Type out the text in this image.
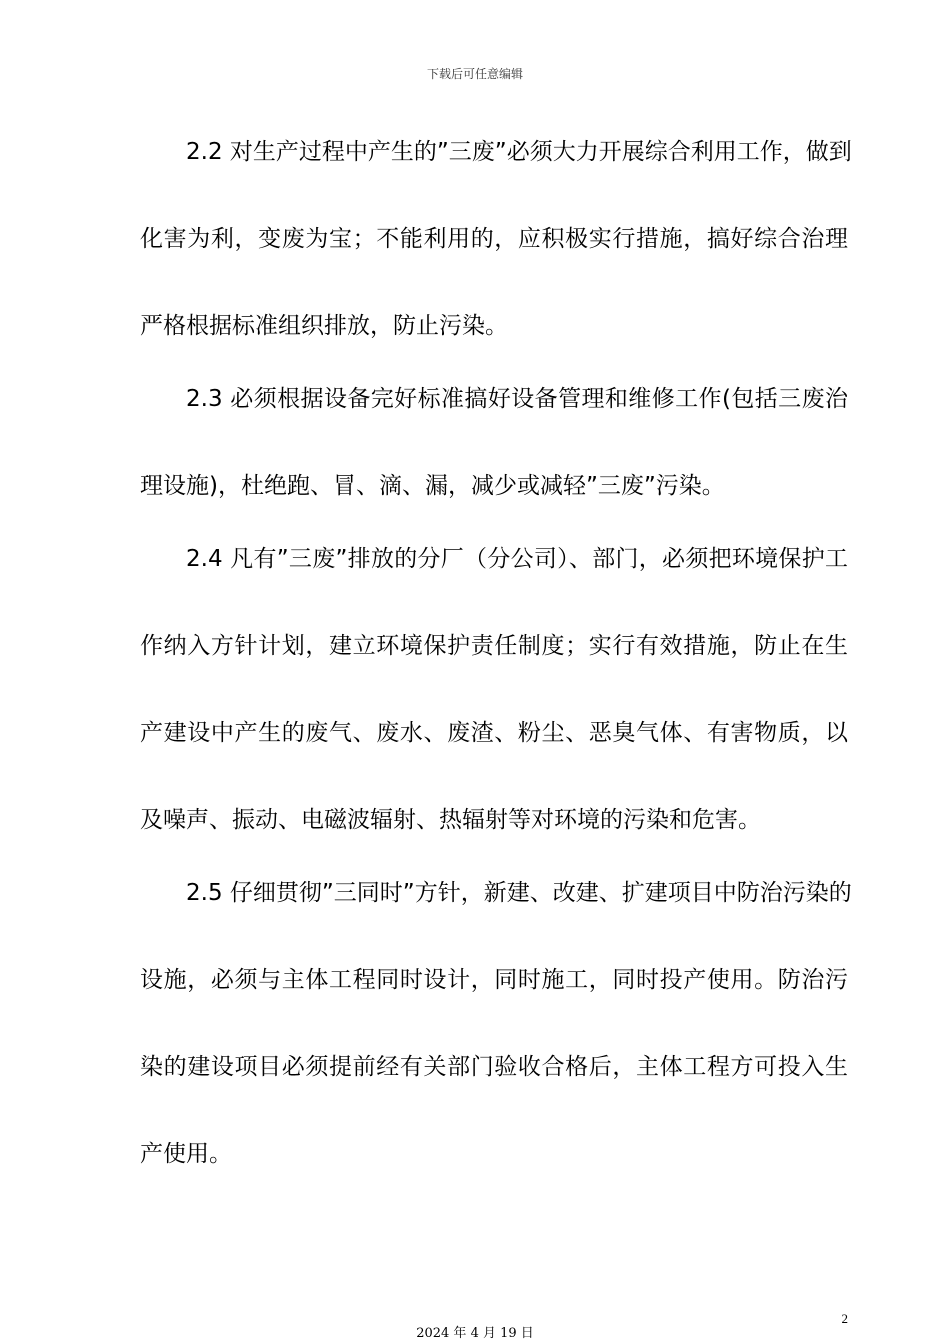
下载后可任意编辑
2.2 对生产过程中产生的”三废”必须大力开展综合利用工作，做到
化害为利，变废为宝；不能利用的，应积极实行措施，搞好综合治理
严格根据标准组织排放，防止污染。
2.3 必须根据设备完好标准搞好设备管理和维修工作(包括三废治
理设施)，杜绝跑、冒、滴、漏，减少或减轻”三废”污染。
2.4 凡有”三废”排放的分厂（分公司）、部门，必须把环境保护工
作纳入方针计划，建立环境保护责任制度；实行有效措施，防止在生
产建设中产生的废气、废水、废渣、粉尘、恶臭气体、有害物质，以
及噪声、振动、电磁波辐射、热辐射等对环境的污染和危害。
2.5 仔细贯彻”三同时”方针，新建、改建、扩建项目中防治污染的
设施，必须与主体工程同时设计，同时施工，同时投产使用。防治污
染的建设项目必须提前经有关部门验收合格后，主体工程方可投入生
产使用。
2
2024 年 4 月 19 日
